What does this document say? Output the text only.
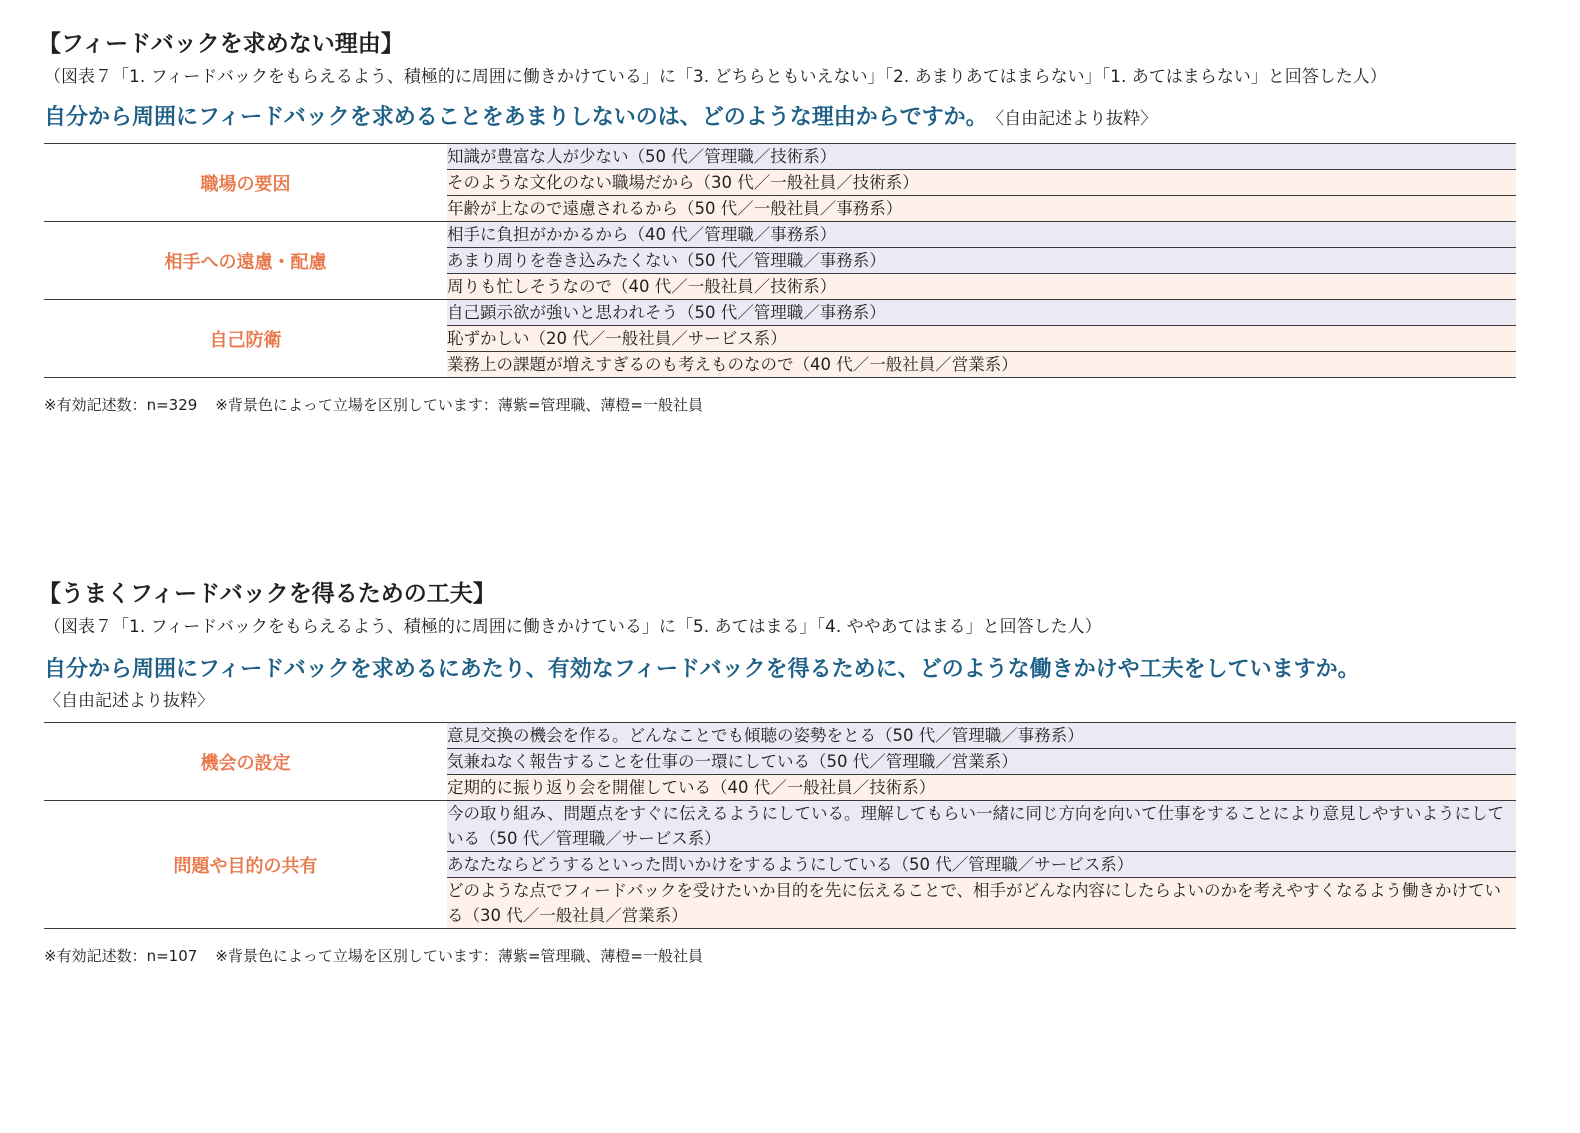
【フィードバックを求めない理由】
（図表７「1. フィードバックをもらえるよう、積極的に周囲に働きかけている」に「3. どちらともいえない」「2. あまりあてはまらない」「1. あてはまらない」と回答した人）
自分から周囲にフィードバックを求めることをあまりしないのは、どのような理由からですか。 〈自由記述より抜粋〉
職場の要因	知識が豊富な人が少ない（50 代／管理職／技術系）
	そのような文化のない職場だから（30 代／一般社員／技術系）
	年齢が上なので遠慮されるから（50 代／一般社員／事務系）
相手への遠慮・配慮	相手に負担がかかるから（40 代／管理職／事務系）
	あまり周りを巻き込みたくない（50 代／管理職／事務系）
	周りも忙しそうなので（40 代／一般社員／技術系）
自己防衛	自己顕示欲が強いと思われそう（50 代／管理職／事務系）
	恥ずかしい（20 代／一般社員／サービス系）
	業務上の課題が増えすぎるのも考えものなので（40 代／一般社員／営業系）
※有効記述数：n=329 ※背景色によって立場を区別しています：薄紫=管理職、薄橙=一般社員
【うまくフィードバックを得るための工夫】
（図表７「1. フィードバックをもらえるよう、積極的に周囲に働きかけている」に「5. あてはまる」「4. ややあてはまる」と回答した人）
自分から周囲にフィードバックを求めるにあたり、有効なフィードバックを得るために、どのような働きかけや工夫をしていますか。
〈自由記述より抜粋〉
機会の設定	意見交換の機会を作る。どんなことでも傾聴の姿勢をとる（50 代／管理職／事務系）
	気兼ねなく報告することを仕事の一環にしている（50 代／管理職／営業系）
	定期的に振り返り会を開催している（40 代／一般社員／技術系）
問題や目的の共有	今の取り組み、問題点をすぐに伝えるようにしている。理解してもらい一緒に同じ方向を向いて仕事をすることにより意見しやすいようにしている（50 代／管理職／サービス系）
	あなたならどうするといった問いかけをするようにしている（50 代／管理職／サービス系）
	どのような点でフィードバックを受けたいか目的を先に伝えることで、相手がどんな内容にしたらよいのかを考えやすくなるよう働きかけている（30 代／一般社員／営業系）
※有効記述数：n=107 ※背景色によって立場を区別しています：薄紫=管理職、薄橙=一般社員
